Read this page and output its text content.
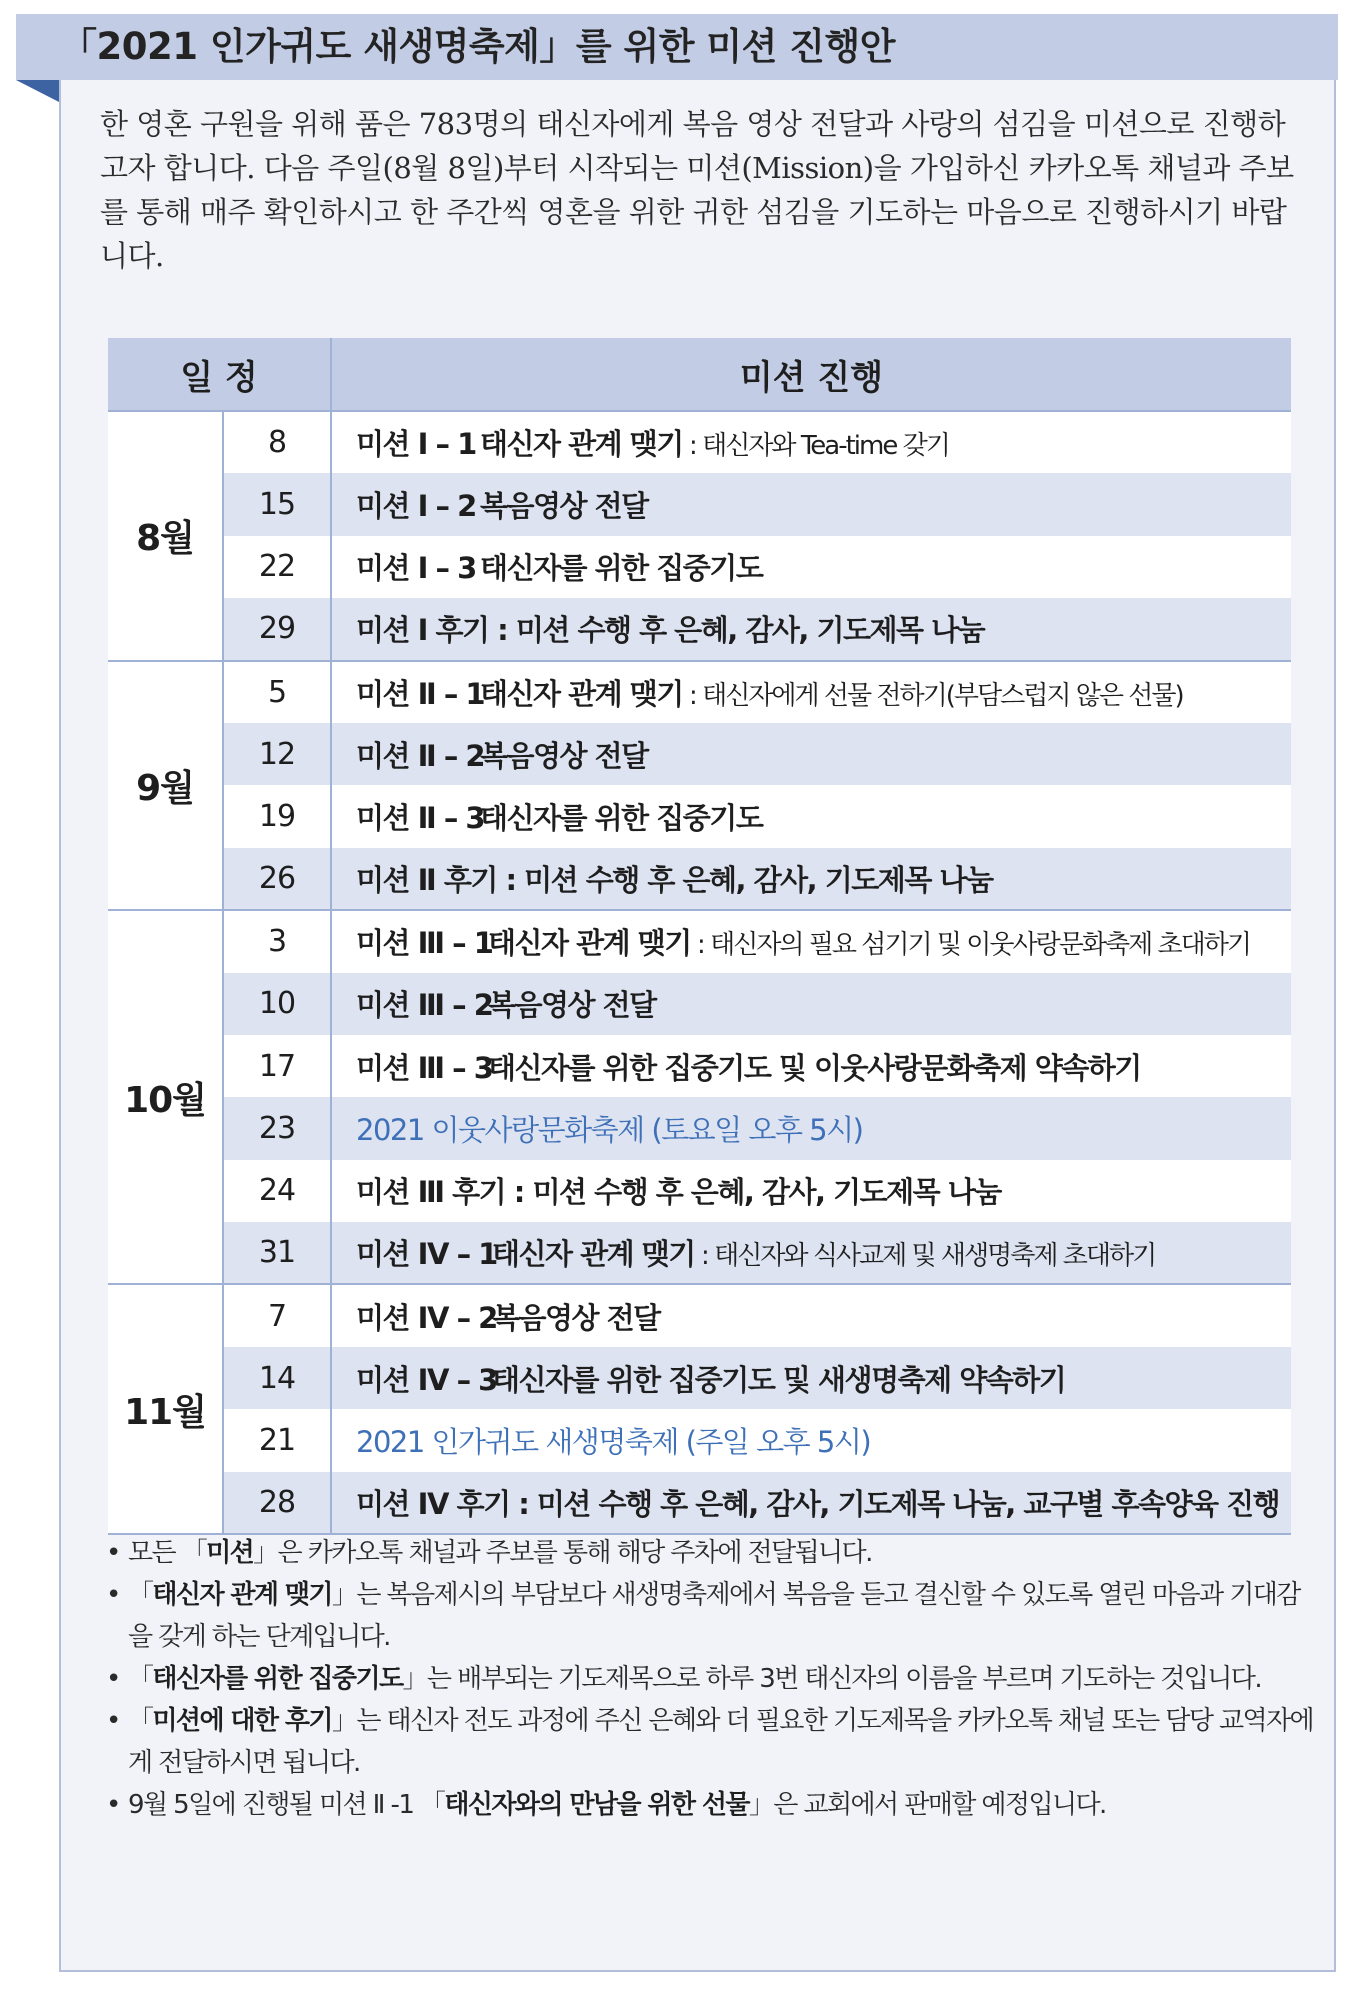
「2021 인가귀도 새생명축제」를 위한 미션 진행안

한 영혼 구원을 위해 품은 783명의 태신자에게 복음 영상 전달과 사랑의 섬김을 미션으로 진행하고자 합니다. 다음 주일(8월 8일)부터 시작되는 미션(Mission)을 가입하신 카카오톡 채널과 주보를 통해 매주 확인하시고 한 주간씩 영혼을 위한 귀한 섬김을 기도하는 마음으로 진행하시기 바랍니다.

일 정		미션 진행
8월	8	미션 Ⅰ – 1 태신자 관계 맺기 : 태신자와 Tea-time 갖기
	15	미션 Ⅰ – 2 복음영상 전달
	22	미션 Ⅰ – 3 태신자를 위한 집중기도
	29	미션 Ⅰ 후기 : 미션 수행 후 은혜, 감사, 기도제목 나눔
9월	5	미션 Ⅱ – 1태신자 관계 맺기 : 태신자에게 선물 전하기(부담스럽지 않은 선물)
	12	미션 Ⅱ – 2복음영상 전달
	19	미션 Ⅱ – 3태신자를 위한 집중기도
	26	미션 Ⅱ 후기 : 미션 수행 후 은혜, 감사, 기도제목 나눔
10월	3	미션 Ⅲ – 1태신자 관계 맺기 : 태신자의 필요 섬기기 및 이웃사랑문화축제 초대하기
	10	미션 Ⅲ – 2복음영상 전달
	17	미션 Ⅲ – 3태신자를 위한 집중기도 및 이웃사랑문화축제 약속하기
	23	2021 이웃사랑문화축제 (토요일 오후 5시)
	24	미션 Ⅲ 후기 : 미션 수행 후 은혜, 감사, 기도제목 나눔
	31	미션 Ⅳ – 1태신자 관계 맺기 : 태신자와 식사교제 및 새생명축제 초대하기
11월	7	미션 Ⅳ – 2복음영상 전달
	14	미션 Ⅳ – 3태신자를 위한 집중기도 및 새생명축제 약속하기
	21	2021 인가귀도 새생명축제 (주일 오후 5시)
	28	미션 Ⅳ 후기 : 미션 수행 후 은혜, 감사, 기도제목 나눔, 교구별 후속양육 진행
• 모든 「미션」은 카카오톡 채널과 주보를 통해 해당 주차에 전달됩니다.
• 「태신자 관계 맺기」는 복음제시의 부담보다 새생명축제에서 복음을 듣고 결신할 수 있도록 열린 마음과 기대감을 갖게 하는 단계입니다.
• 「태신자를 위한 집중기도」는 배부되는 기도제목으로 하루 3번 태신자의 이름을 부르며 기도하는 것입니다.
• 「미션에 대한 후기」는 태신자 전도 과정에 주신 은혜와 더 필요한 기도제목을 카카오톡 채널 또는 담당 교역자에게 전달하시면 됩니다.
• 9월 5일에 진행될 미션 Ⅱ -1 「태신자와의 만남을 위한 선물」은 교회에서 판매할 예정입니다.
